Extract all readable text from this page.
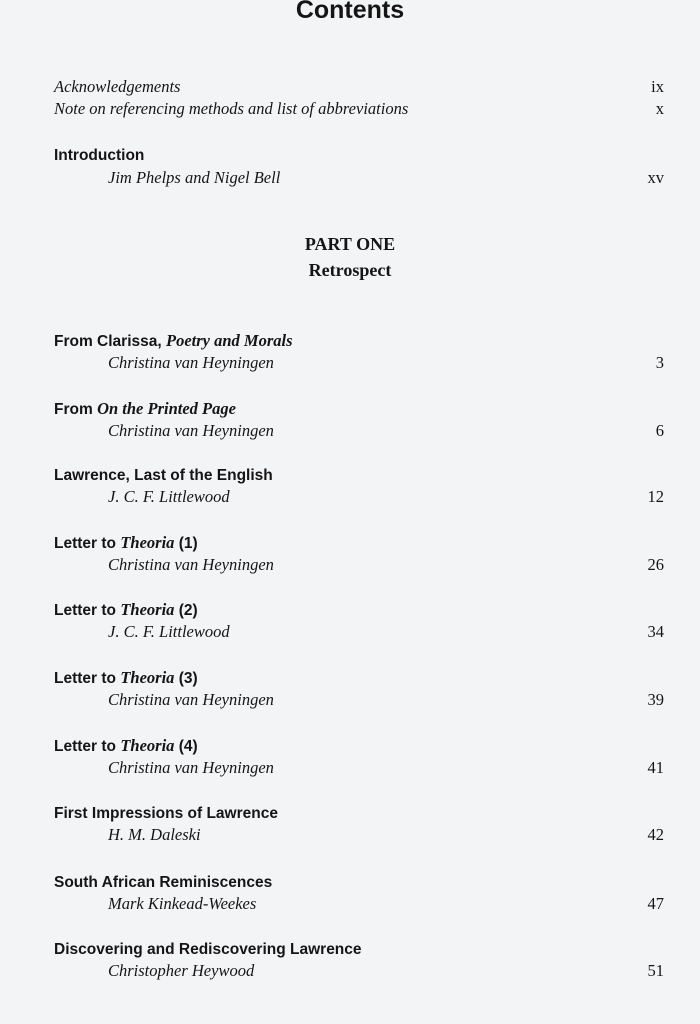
Contents
Acknowledgements	ix
Note on referencing methods and list of abbreviations	x
Introduction
Jim Phelps and Nigel Bell	xv
PART ONE
Retrospect
From Clarissa, Poetry and Morals
Christina van Heyningen	3
From On the Printed Page
Christina van Heyningen	6
Lawrence, Last of the English
J. C. F. Littlewood	12
Letter to Theoria (1)
Christina van Heyningen	26
Letter to Theoria (2)
J. C. F. Littlewood	34
Letter to Theoria (3)
Christina van Heyningen	39
Letter to Theoria (4)
Christina van Heyningen	41
First Impressions of Lawrence
H. M. Daleski	42
South African Reminiscences
Mark Kinkead-Weekes	47
Discovering and Rediscovering Lawrence
Christopher Heywood	51
